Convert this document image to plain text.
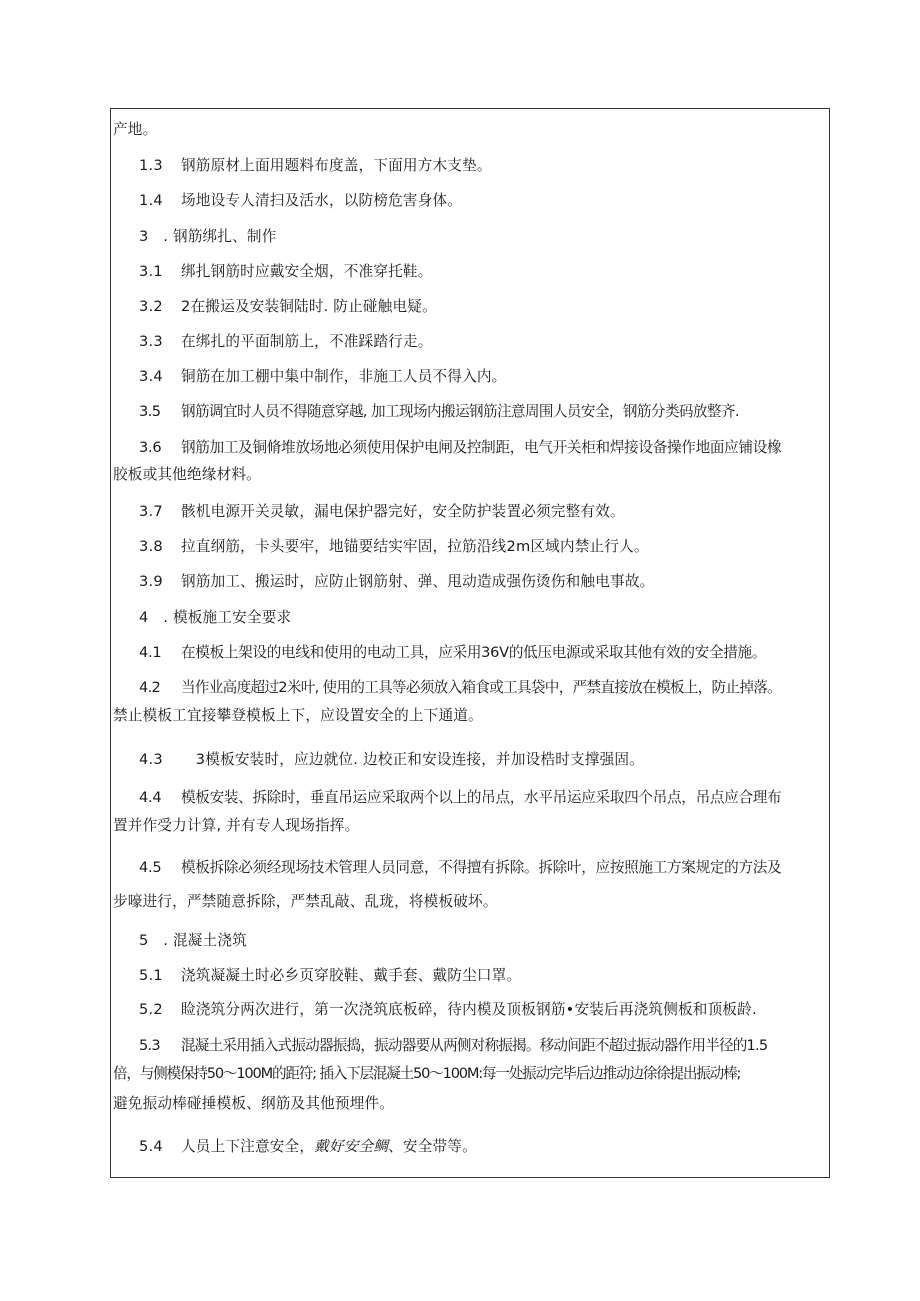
产地。
1.3 钢筋原材上面用题料布度盖，下面用方木支垫。
1.4 场地设专人清扫及活水，以防榜危害身体。
3　. 钢筋绑扎、制作
3.1 绑扎钢筋时应戴安全烟，不准穿托鞋。
3.2 2在搬运及安装铜陆时. 防止碰触电疑。
3.3 在绑扎的平面制筋上，不准踩踏行走。
3.4 铜筋在加工棚中集中制作，非施工人员不得入内。
3.5 钢筋调宜时人员不得随意穿越, 加工现场内搬运钢筋注意周围人员安全，钢筋分类码放整齐.
3.6 钢筋加工及铜脩堆放场地必须使用保护电闸及控制距，电气开关柜和焊接设备操作地面应铺设橡
胶板或其他绝缘材料。
3.7 骸机电源开关灵敏，漏电保护器完好，安全防护装置必须完整有效。
3.8 拉直纲筋，卡头要牢，地锚要结实牢固，拉筋沿线2m区域内禁止行人。
3.9 钢筋加工、搬运时，应防止钢筋射、弹、甩动造成强伤烫伤和触电事故。
4　. 模板施工安全要求
4.1 在模板上架设的电线和使用的电动工具，应采用36V的低压电源或采取其他有效的安全措施。
4.2 当作业高度超过2米叶, 使用的工具等必须放入箱食或工具袋中，严禁直接放在模板上，防止掉落。
禁止模板工宜接攀登模板上下，应设置安全的上下通道。
4.3　3模板安装时，应边就位. 边校正和安设连接，并加设梏时支撑强固。
4.4 模板安装、拆除时，垂直吊运应采取两个以上的吊点，水平吊运应采取四个吊点，吊点应合理布
置并作受力计算, 并有专人现场指挥。
4.5 模板拆除必须经现场技术管理人员同意，不得擅有拆除。拆除叶，应按照施工方案规定的方法及
步嚎进行，严禁随意拆除，严禁乱敲、乱珑，将模板破坏。
5　. 混凝土浇筑
5.1 浇筑凝凝土时必乡页穿胶鞋、戴手套、戴防尘口罩。
5.2 睑浇筑分两次进行，第一次浇筑底板碎，待内模及顶板钢筋•安装后再浇筑侧板和顶板龄.
5.3 混凝土采用插入式振动器振捣，振动器要从两侧对称振揭。移动间距不超过振动器作用半径的1.5
倍，与侧模保持50～100M的距符; 插入下层混凝土50～100M:每一处振动完毕后边推动边徐徐提出振动棒;
避免振动棒碰捶模板、纲筋及其他预埋件。
5.4 人员上下注意安全，戴好安全鲷、安全带等。
